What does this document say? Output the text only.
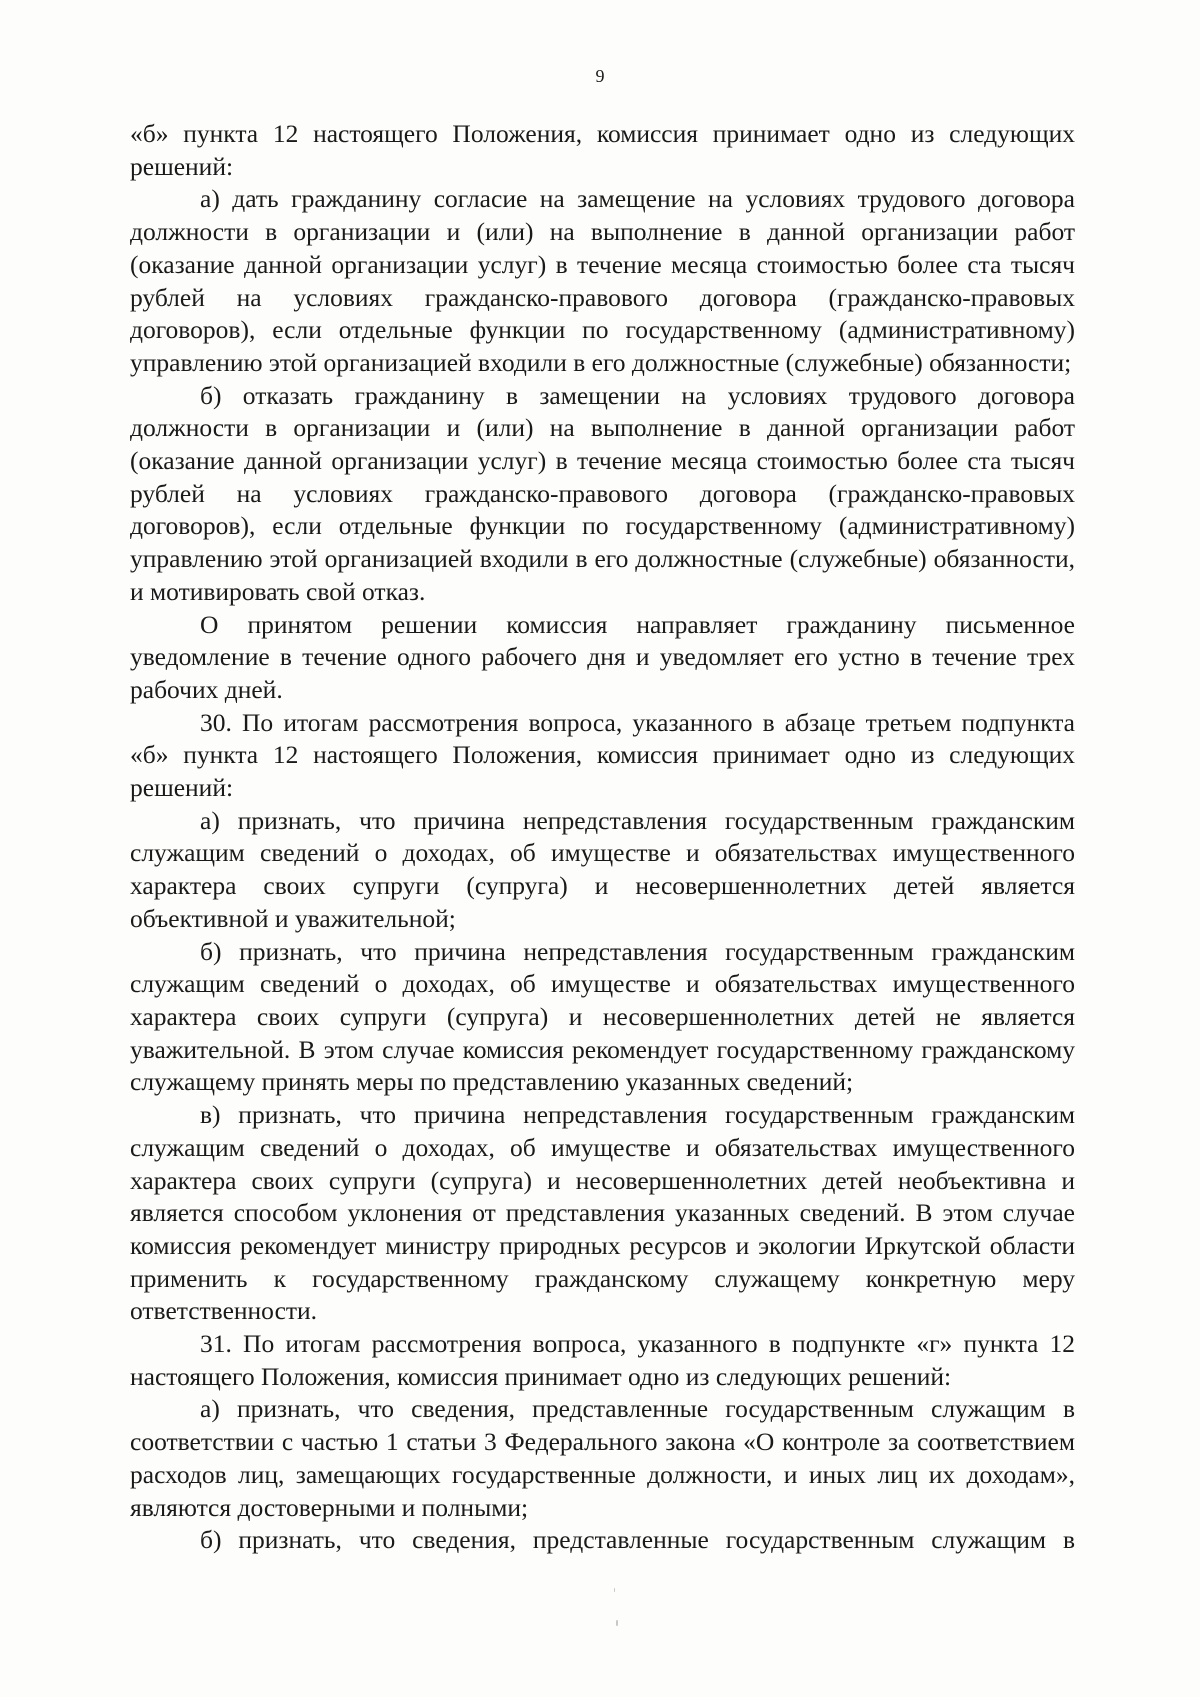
9

«б» пункта 12 настоящего Положения, комиссия принимает одно из следующих решений:

а) дать гражданину согласие на замещение на условиях трудового договора должности в организации и (или) на выполнение в данной организации работ (оказание данной организации услуг) в течение месяца стоимостью более ста тысяч рублей на условиях гражданско-правового договора (гражданско-правовых договоров), если отдельные функции по государственному (административному) управлению этой организацией входили в его должностные (служебные) обязанности;

б) отказать гражданину в замещении на условиях трудового договора должности в организации и (или) на выполнение в данной организации работ (оказание данной организации услуг) в течение месяца стоимостью более ста тысяч рублей на условиях гражданско-правового договора (гражданско-правовых договоров), если отдельные функции по государственному (административному) управлению этой организацией входили в его должностные (служебные) обязанности, и мотивировать свой отказ.

О принятом решении комиссия направляет гражданину письменное уведомление в течение одного рабочего дня и уведомляет его устно в течение трех рабочих дней.

30. По итогам рассмотрения вопроса, указанного в абзаце третьем подпункта «б» пункта 12 настоящего Положения, комиссия принимает одно из следующих решений:

а) признать, что причина непредставления государственным гражданским служащим сведений о доходах, об имуществе и обязательствах имущественного характера своих супруги (супруга) и несовершеннолетних детей является объективной и уважительной;

б) признать, что причина непредставления государственным гражданским служащим сведений о доходах, об имуществе и обязательствах имущественного характера своих супруги (супруга) и несовершеннолетних детей не является уважительной. В этом случае комиссия рекомендует государственному гражданскому служащему принять меры по представлению указанных сведений;

в) признать, что причина непредставления государственным гражданским служащим сведений о доходах, об имуществе и обязательствах имущественного характера своих супруги (супруга) и несовершеннолетних детей необъективна и является способом уклонения от представления указанных сведений. В этом случае комиссия рекомендует министру природных ресурсов и экологии Иркутской области применить к государственному гражданскому служащему конкретную меру ответственности.

31. По итогам рассмотрения вопроса, указанного в подпункте «г» пункта 12 настоящего Положения, комиссия принимает одно из следующих решений:

а) признать, что сведения, представленные государственным служащим в соответствии с частью 1 статьи 3 Федерального закона «О контроле за соответствием расходов лиц, замещающих государственные должности, и иных лиц их доходам», являются достоверными и полными;

б) признать, что сведения, представленные государственным служащим в
